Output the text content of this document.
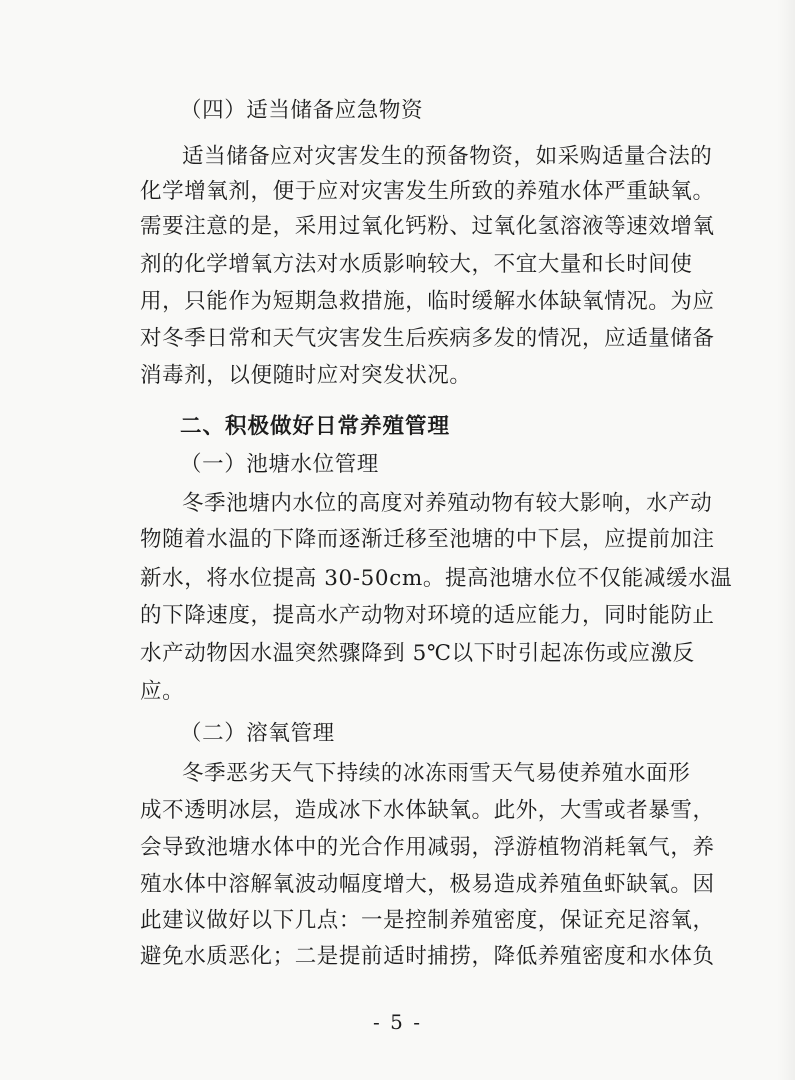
（四）适当储备应急物资
适当储备应对灾害发生的预备物资，如采购适量合法的
化学增氧剂，便于应对灾害发生所致的养殖水体严重缺氧。
需要注意的是，采用过氧化钙粉、过氧化氢溶液等速效增氧
剂的化学增氧方法对水质影响较大，不宜大量和长时间使
用，只能作为短期急救措施，临时缓解水体缺氧情况。为应
对冬季日常和天气灾害发生后疾病多发的情况，应适量储备
消毒剂，以便随时应对突发状况。
二、积极做好日常养殖管理
（一）池塘水位管理
冬季池塘内水位的高度对养殖动物有较大影响，水产动
物随着水温的下降而逐渐迁移至池塘的中下层，应提前加注
新水，将水位提高 30-50cm。提高池塘水位不仅能减缓水温
的下降速度，提高水产动物对环境的适应能力，同时能防止
水产动物因水温突然骤降到 5℃以下时引起冻伤或应激反
应。
（二）溶氧管理
冬季恶劣天气下持续的冰冻雨雪天气易使养殖水面形
成不透明冰层，造成冰下水体缺氧。此外，大雪或者暴雪，
会导致池塘水体中的光合作用减弱，浮游植物消耗氧气，养
殖水体中溶解氧波动幅度增大，极易造成养殖鱼虾缺氧。因
此建议做好以下几点：一是控制养殖密度，保证充足溶氧，
避免水质恶化；二是提前适时捕捞，降低养殖密度和水体负
- 5 -
